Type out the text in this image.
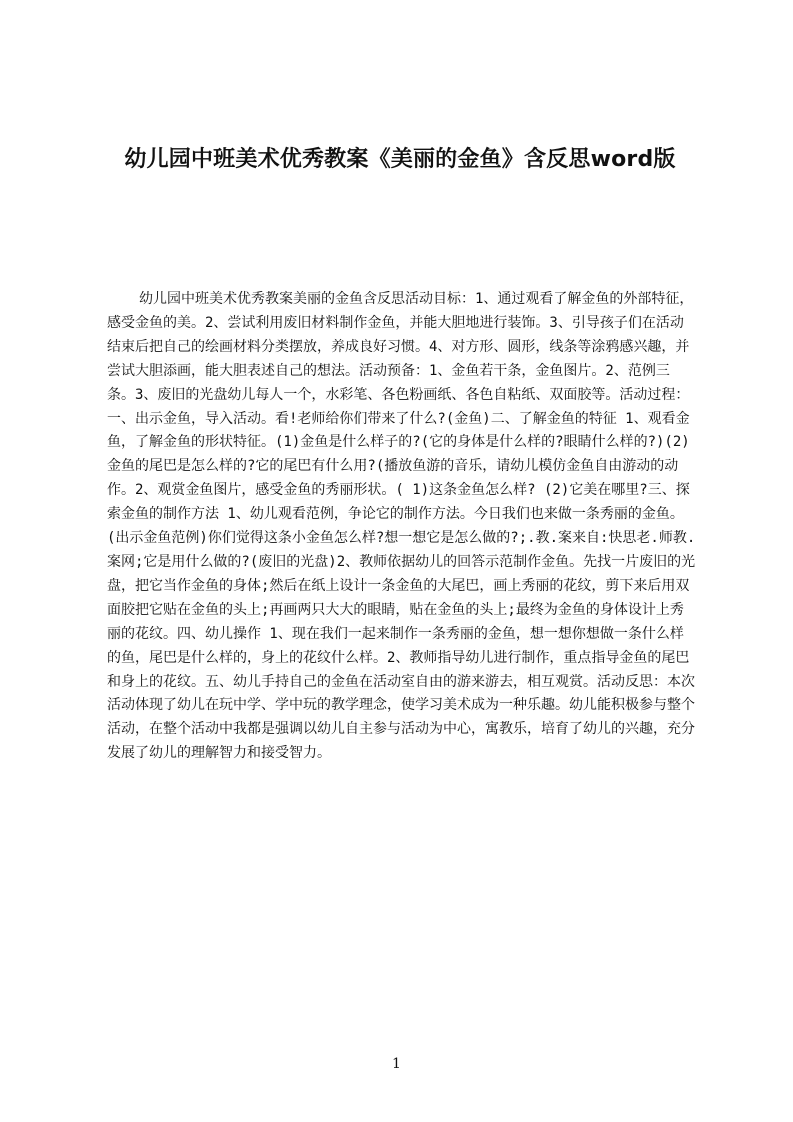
幼儿园中班美术优秀教案《美丽的金鱼》含反思word版
幼儿园中班美术优秀教案美丽的金鱼含反思活动目标：1、通过观看了解金鱼的外部特征，感受金鱼的美。2、尝试利用废旧材料制作金鱼，并能大胆地进行装饰。3、引导孩子们在活动结束后把自己的绘画材料分类摆放，养成良好习惯。4、对方形、圆形，线条等涂鸦感兴趣，并尝试大胆添画，能大胆表述自己的想法。活动预备：1、金鱼若干条，金鱼图片。2、范例三条。3、废旧的光盘幼儿每人一个，水彩笔、各色粉画纸、各色自粘纸、双面胶等。活动过程：一、出示金鱼，导入活动。看!老师给你们带来了什么?(金鱼)二、了解金鱼的特征 1、观看金鱼，了解金鱼的形状特征。(1)金鱼是什么样子的?(它的身体是什么样的?眼睛什么样的?)(2)金鱼的尾巴是怎么样的?它的尾巴有什么用?(播放鱼游的音乐，请幼儿模仿金鱼自由游动的动作。2、观赏金鱼图片，感受金鱼的秀丽形状。( 1)这条金鱼怎么样? (2)它美在哪里?三、探索金鱼的制作方法 1、幼儿观看范例，争论它的制作方法。今日我们也来做一条秀丽的金鱼。(出示金鱼范例)你们觉得这条小金鱼怎么样?想一想它是怎么做的?;.教.案来自:快思老.师教.案网;它是用什么做的?(废旧的光盘)2、教师依据幼儿的回答示范制作金鱼。先找一片废旧的光盘，把它当作金鱼的身体;然后在纸上设计一条金鱼的大尾巴，画上秀丽的花纹，剪下来后用双面胶把它贴在金鱼的头上;再画两只大大的眼睛，贴在金鱼的头上;最终为金鱼的身体设计上秀丽的花纹。四、幼儿操作 1、现在我们一起来制作一条秀丽的金鱼，想一想你想做一条什么样的鱼，尾巴是什么样的，身上的花纹什么样。2、教师指导幼儿进行制作，重点指导金鱼的尾巴和身上的花纹。五、幼儿手持自己的金鱼在活动室自由的游来游去，相互观赏。活动反思：本次活动体现了幼儿在玩中学、学中玩的教学理念，使学习美术成为一种乐趣。幼儿能积极参与整个活动，在整个活动中我都是强调以幼儿自主参与活动为中心，寓教乐，培育了幼儿的兴趣，充分发展了幼儿的理解智力和接受智力。
1
